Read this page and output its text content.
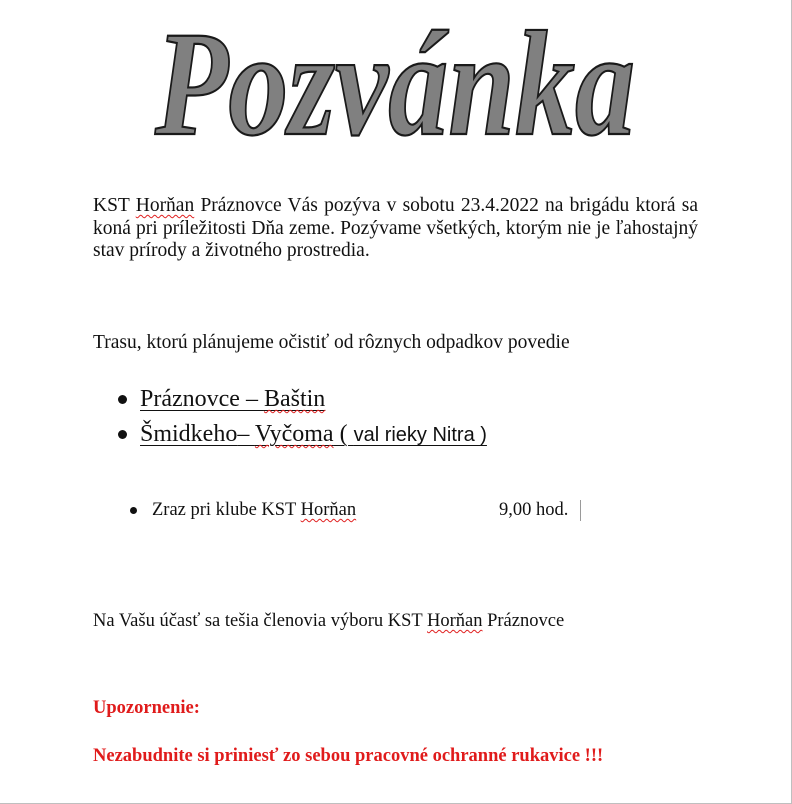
Pozvánka

KST Horňan Práznovce Vás pozýva v sobotu 23.4.2022 na brigádu ktorá sa koná pri príležitosti Dňa zeme. Pozývame všetkých, ktorým nie je ľahostajný stav prírody a životného prostredia.

Trasu, ktorú plánujeme očistiť od rôznych odpadkov povedie

Práznovce – Baštin
Šmidkeho– Vyčoma ( val rieky Nitra )
Zraz pri klube KST Horňan	9,00 hod.

Na Vašu účasť sa tešia členovia výboru KST Horňan Práznovce

Upozornenie:

Nezabudnite si priniesť zo sebou pracovné ochranné rukavice !!!
